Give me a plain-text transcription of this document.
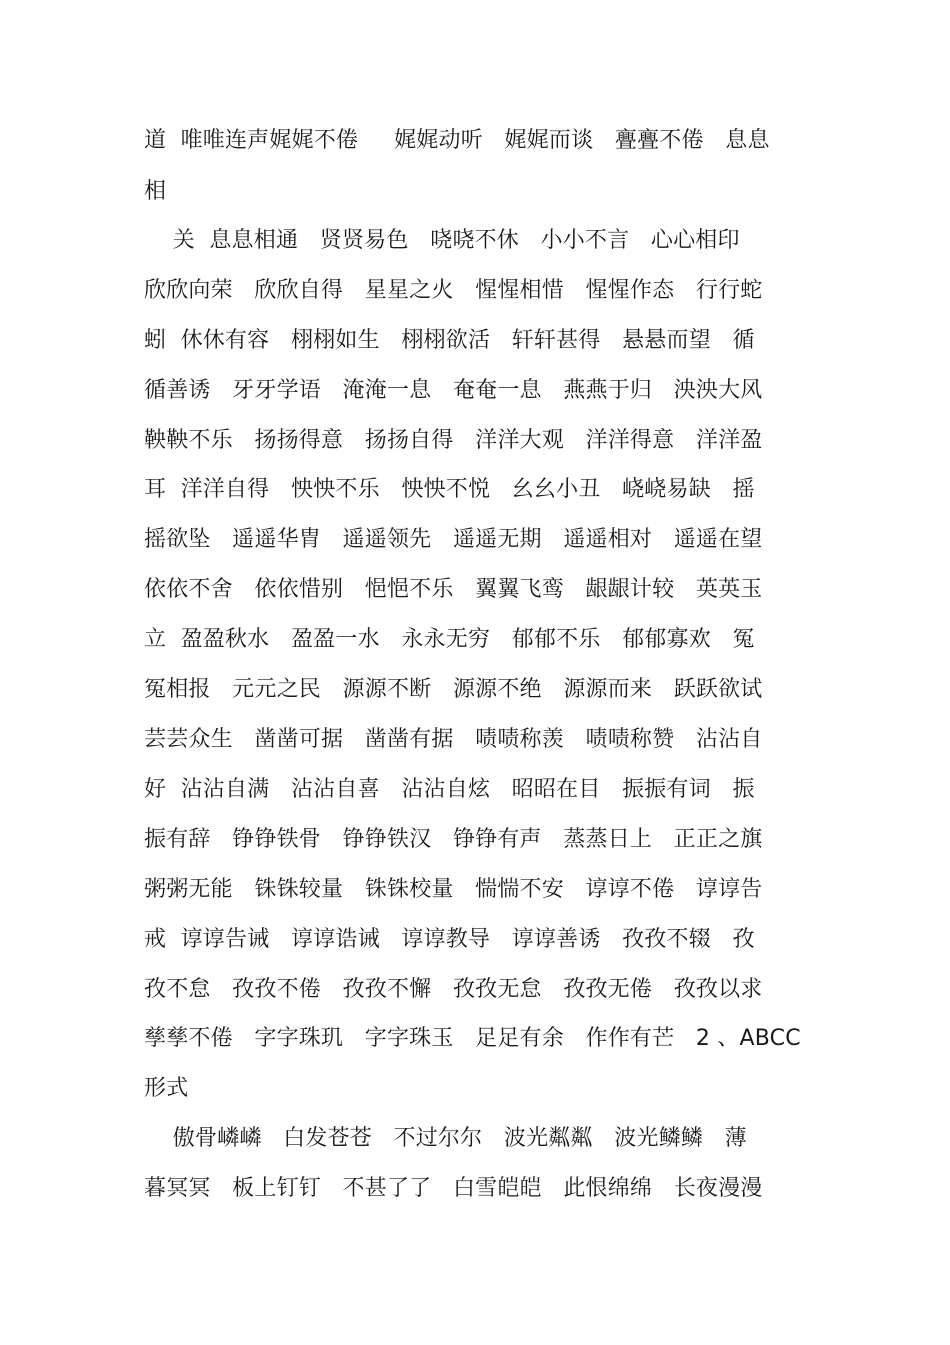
道  唯唯连声娓娓不倦     娓娓动听   娓娓而谈   亹亹不倦   息息
相
关  息息相通   贤贤易色   哓哓不休   小小不言   心心相印
欣欣向荣   欣欣自得   星星之火   惺惺相惜   惺惺作态   行行蛇
蚓  休休有容   栩栩如生   栩栩欲活   轩轩甚得   悬悬而望   循
循善诱   牙牙学语   淹淹一息   奄奄一息   燕燕于归   泱泱大风
鞅鞅不乐   扬扬得意   扬扬自得   洋洋大观   洋洋得意   洋洋盈
耳  洋洋自得   怏怏不乐   怏怏不悦   幺幺小丑   峣峣易缺   摇
摇欲坠   遥遥华胄   遥遥领先   遥遥无期   遥遥相对   遥遥在望
依依不舍   依依惜别   悒悒不乐   翼翼飞鸾   龈龈计较   英英玉
立  盈盈秋水   盈盈一水   永永无穷   郁郁不乐   郁郁寡欢   冤
冤相报   元元之民   源源不断   源源不绝   源源而来   跃跃欲试
芸芸众生   凿凿可据   凿凿有据   啧啧称羡   啧啧称赞   沾沾自
好  沾沾自满   沾沾自喜   沾沾自炫   昭昭在目   振振有词   振
振有辞   铮铮铁骨   铮铮铁汉   铮铮有声   蒸蒸日上   正正之旗
粥粥无能   铢铢较量   铢铢校量   惴惴不安   谆谆不倦   谆谆告
戒  谆谆告诫   谆谆诰诫   谆谆教导   谆谆善诱   孜孜不辍   孜
孜不怠   孜孜不倦   孜孜不懈   孜孜无怠   孜孜无倦   孜孜以求
孳孳不倦   字字珠玑   字字珠玉   足足有余   作作有芒   2 、ABCC
形式
傲骨嶙嶙   白发苍苍   不过尔尔   波光粼粼   波光鳞鳞   薄
暮冥冥   板上钉钉   不甚了了   白雪皑皑   此恨绵绵   长夜漫漫
